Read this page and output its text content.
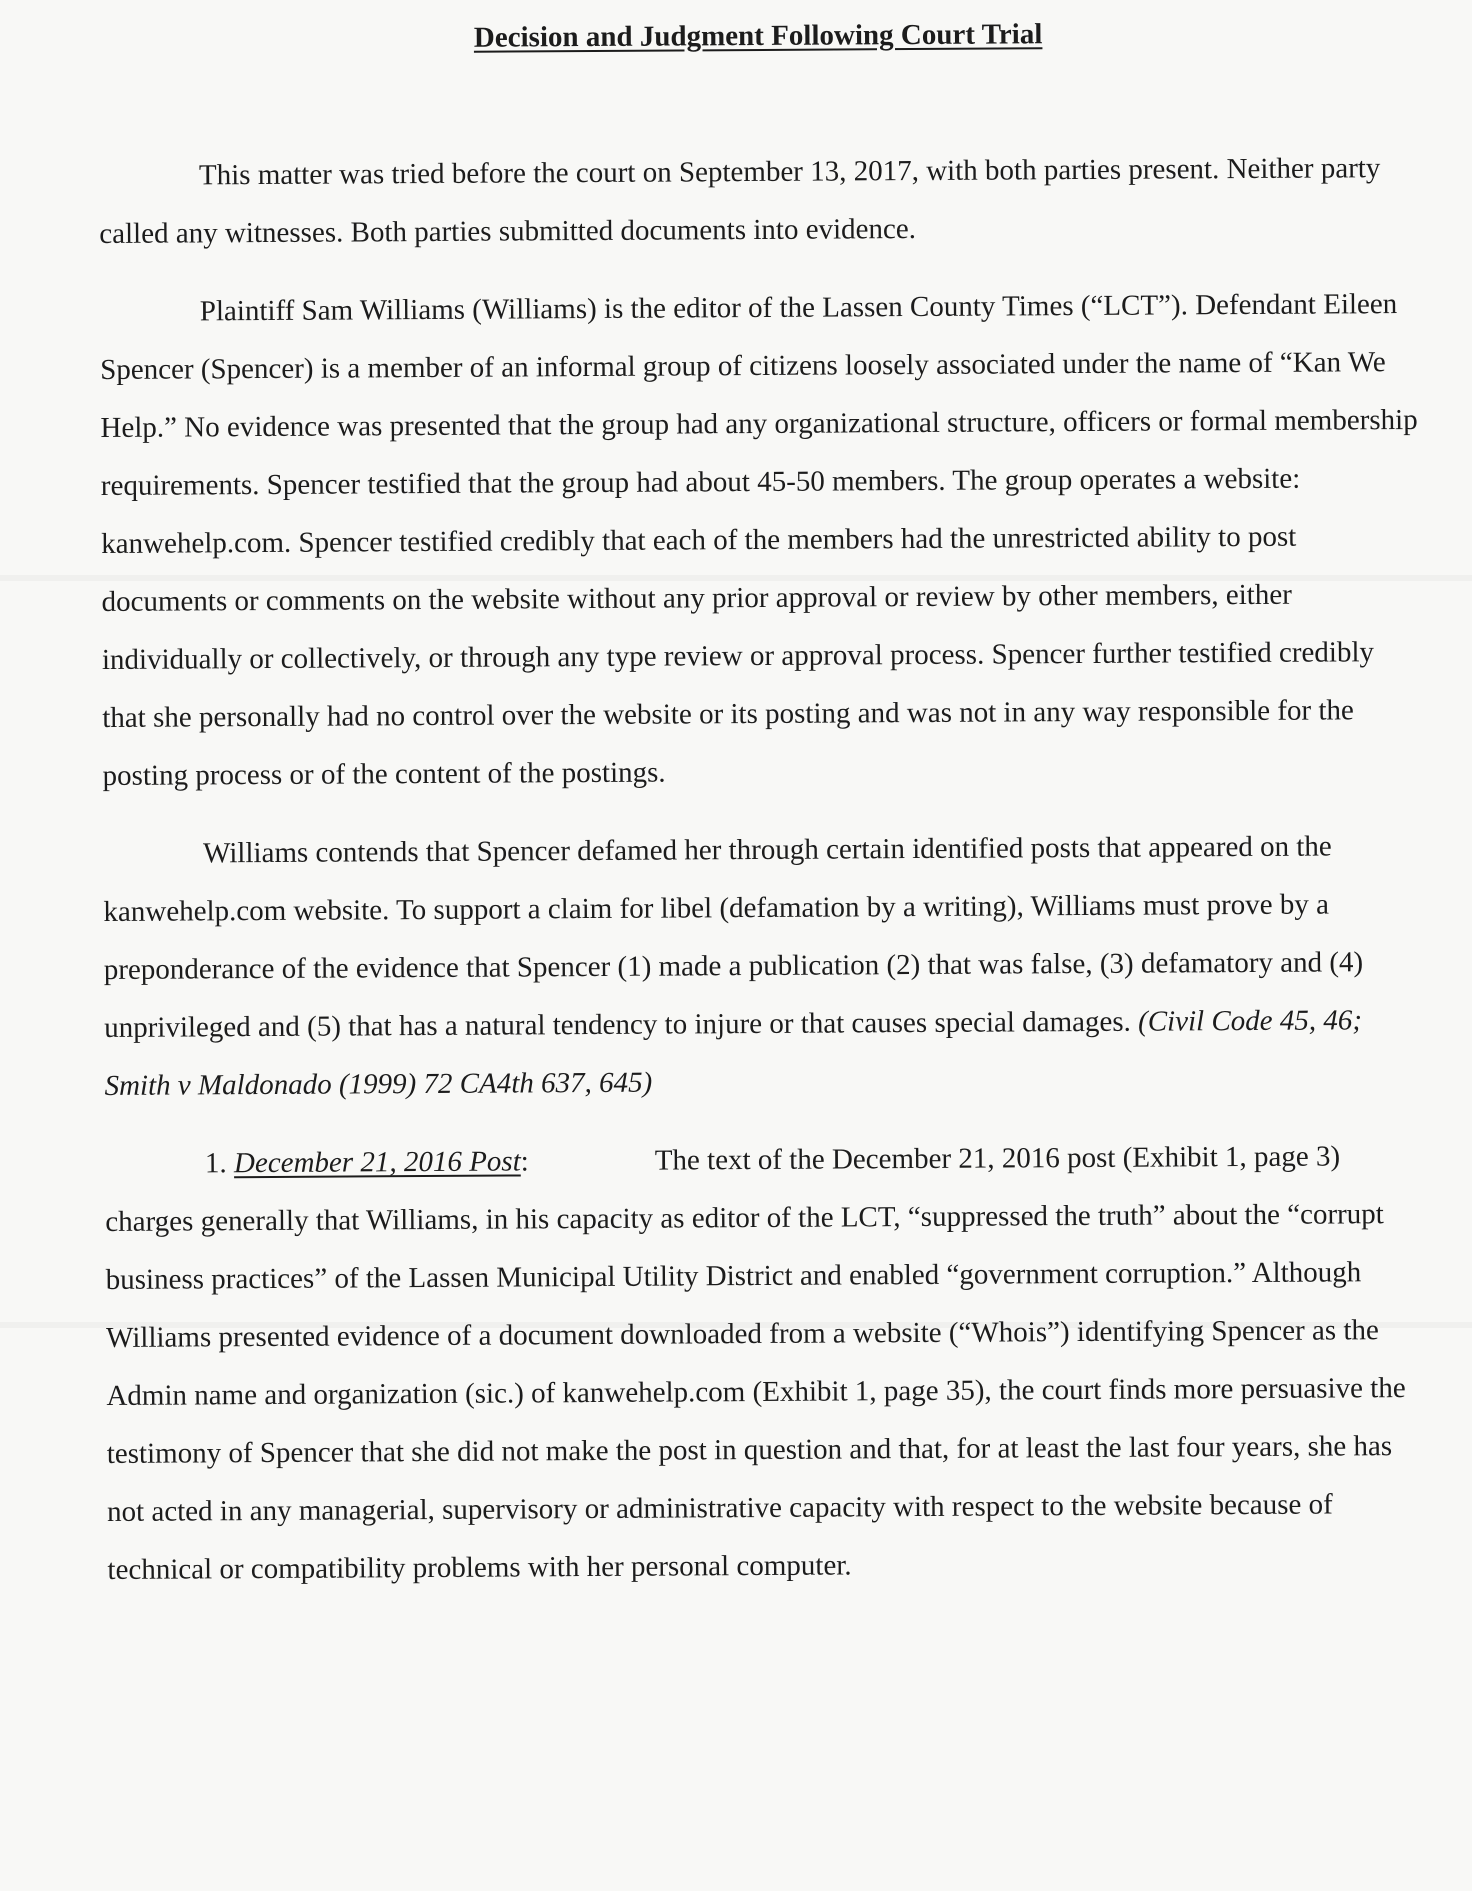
Decision and Judgment Following Court Trial

This matter was tried before the court on September 13, 2017, with both parties present. Neither party called any witnesses. Both parties submitted documents into evidence.

Plaintiff Sam Williams (Williams) is the editor of the Lassen County Times (“LCT”). Defendant Eileen Spencer (Spencer) is a member of an informal group of citizens loosely associated under the name of “Kan We Help.” No evidence was presented that the group had any organizational structure, officers or formal membership requirements. Spencer testified that the group had about 45-50 members. The group operates a website: kanwehelp.com. Spencer testified credibly that each of the members had the unrestricted ability to post documents or comments on the website without any prior approval or review by other members, either individually or collectively, or through any type review or approval process. Spencer further testified credibly that she personally had no control over the website or its posting and was not in any way responsible for the posting process or of the content of the postings.

Williams contends that Spencer defamed her through certain identified posts that appeared on the kanwehelp.com website. To support a claim for libel (defamation by a writing), Williams must prove by a preponderance of the evidence that Spencer (1) made a publication (2) that was false, (3) defamatory and (4) unprivileged and (5) that has a natural tendency to injure or that causes special damages. (Civil Code 45, 46; Smith v Maldonado (1999) 72 CA4th 637, 645)

1. December 21, 2016 Post:	The text of the December 21, 2016 post (Exhibit 1, page 3) charges generally that Williams, in his capacity as editor of the LCT, “suppressed the truth” about the “corrupt business practices” of the Lassen Municipal Utility District and enabled “government corruption.” Although Williams presented evidence of a document downloaded from a website (“Whois”) identifying Spencer as the Admin name and organization (sic.) of kanwehelp.com (Exhibit 1, page 35), the court finds more persuasive the testimony of Spencer that she did not make the post in question and that, for at least the last four years, she has not acted in any managerial, supervisory or administrative capacity with respect to the website because of technical or compatibility problems with her personal computer.
